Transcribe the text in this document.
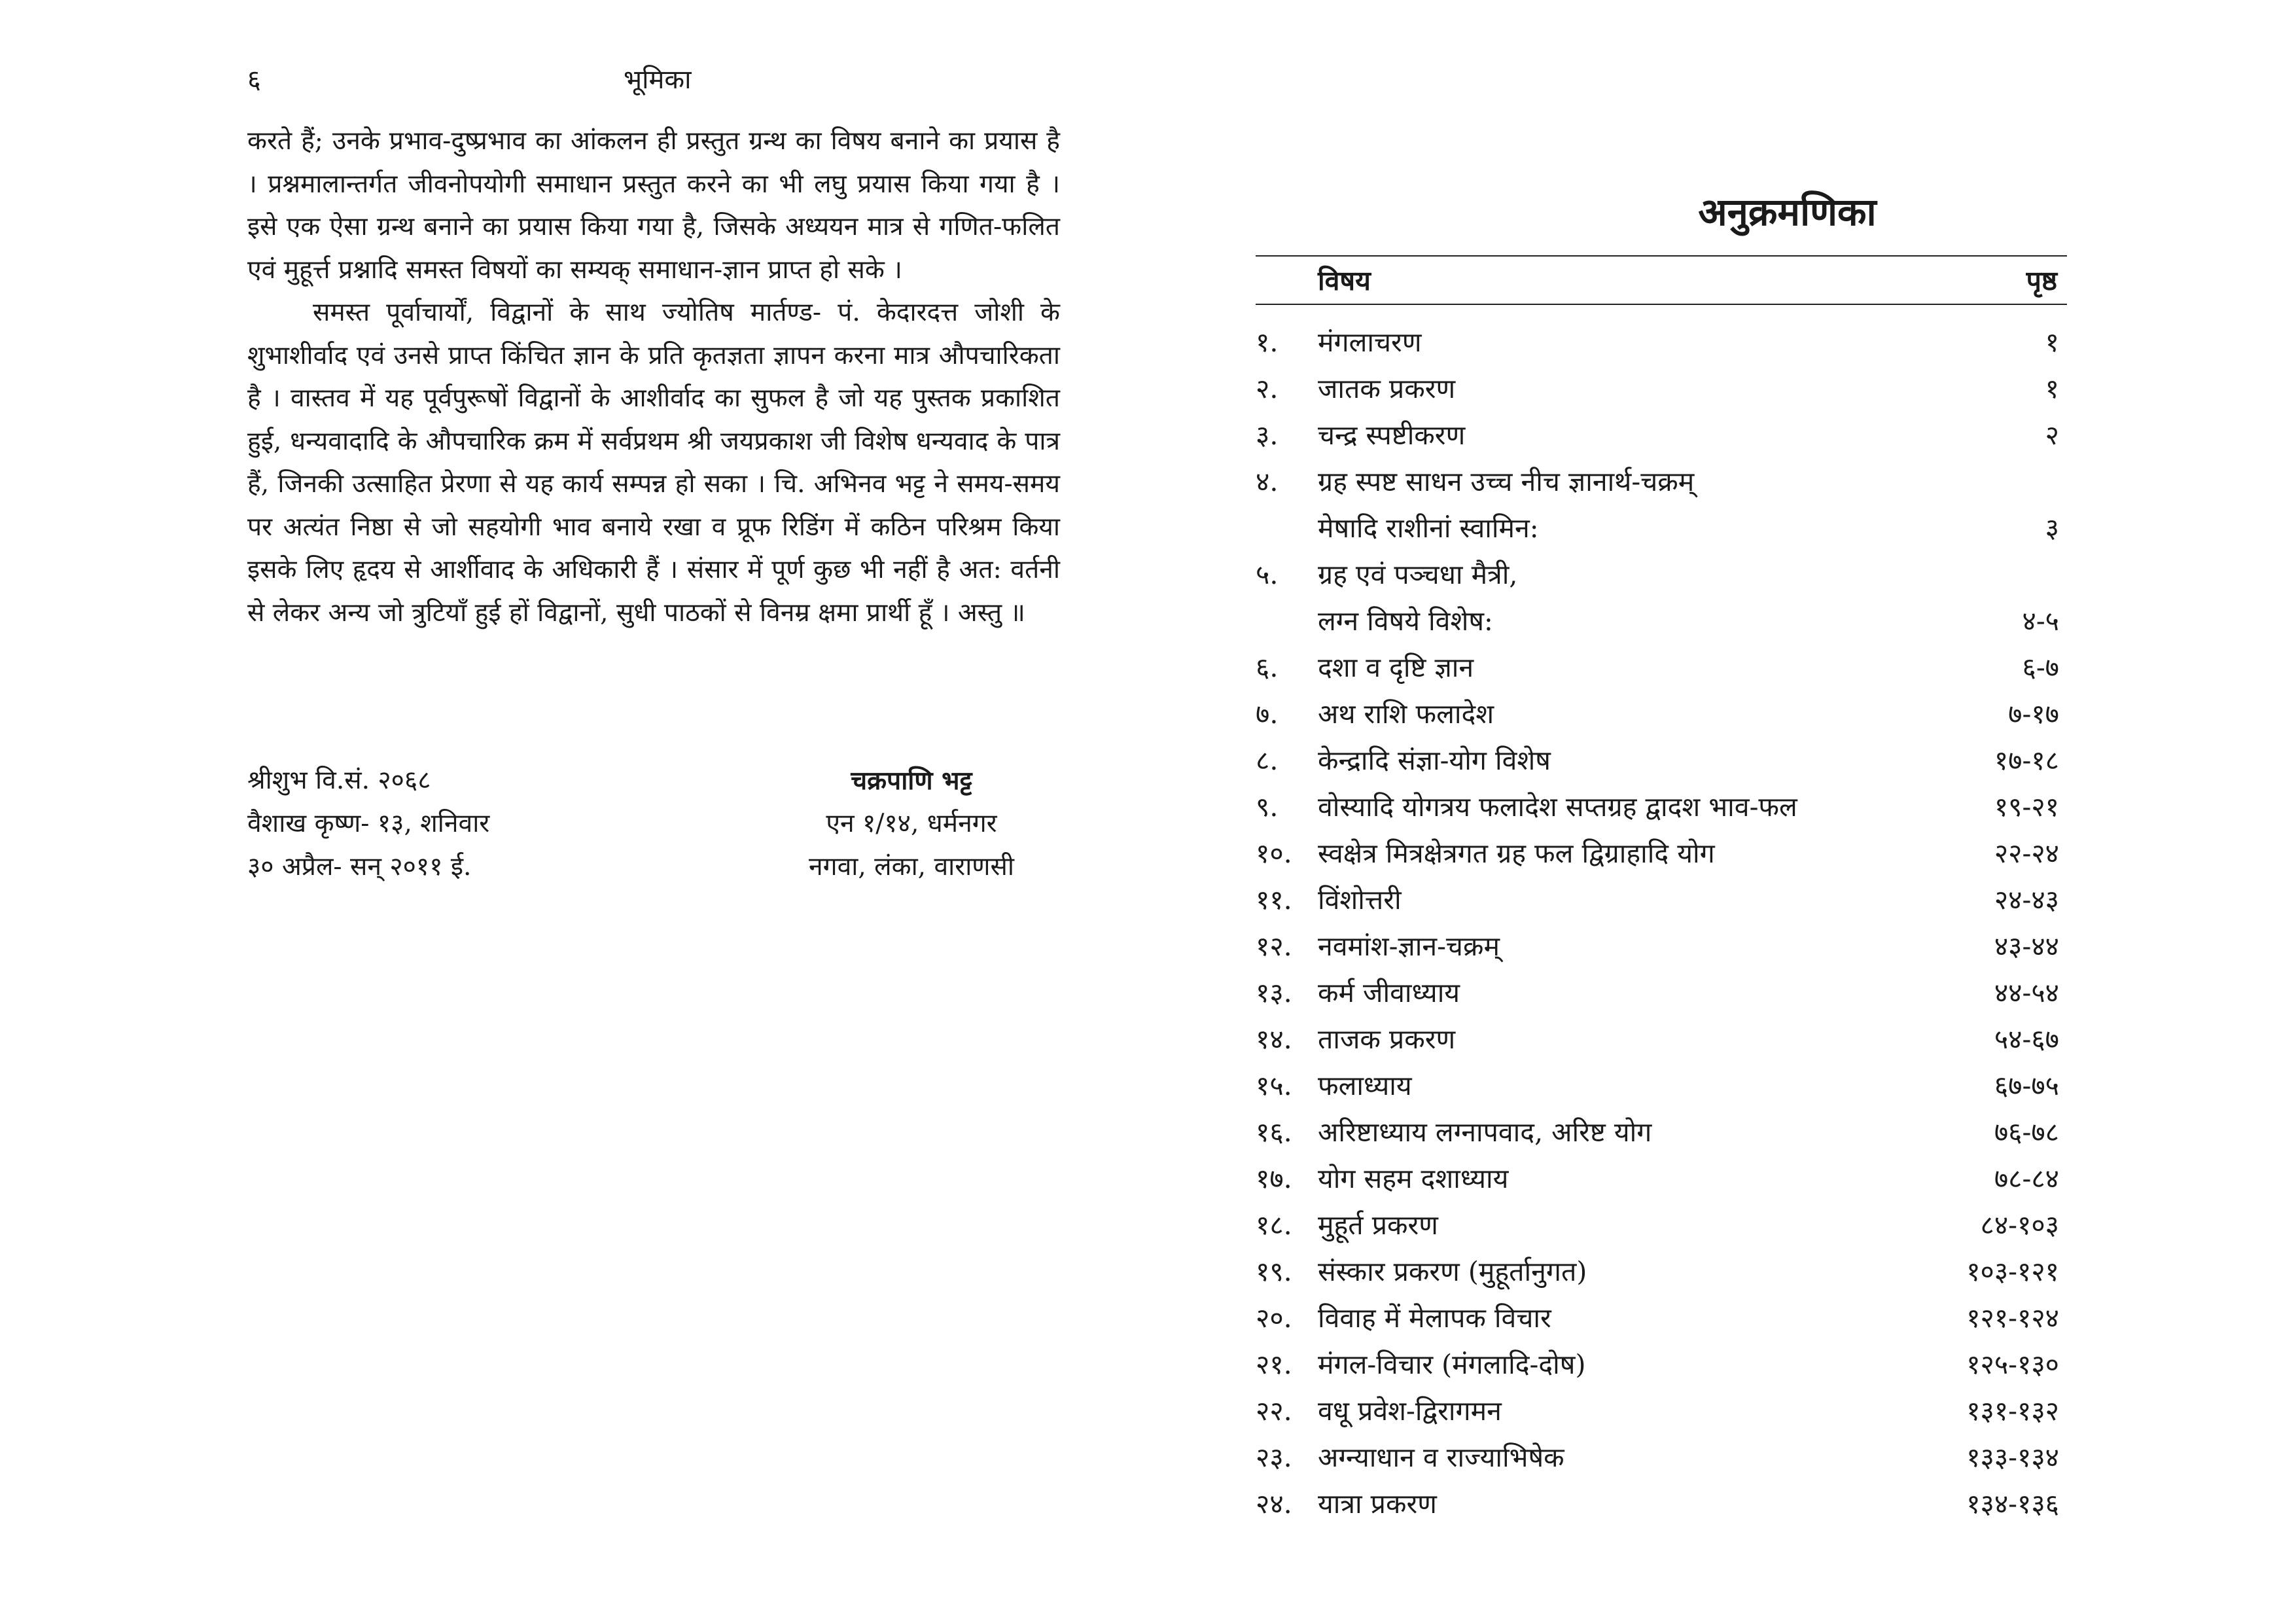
६	भूमिका

करते हैं; उनके प्रभाव-दुष्प्रभाव का आंकलन ही प्रस्तुत ग्रन्थ का विषय बनाने का प्रयास है । प्रश्नमालान्तर्गत जीवनोपयोगी समाधान प्रस्तुत करने का भी लघु प्रयास किया गया है । इसे एक ऐसा ग्रन्थ बनाने का प्रयास किया गया है, जिसके अध्ययन मात्र से गणित-फलित एवं मुहूर्त्त प्रश्नादि समस्त विषयों का सम्यक् समाधान-ज्ञान प्राप्त हो सके ।

समस्त पूर्वाचार्यों, विद्वानों के साथ ज्योतिष मार्तण्ड- पं. केदारदत्त जोशी के शुभाशीर्वाद एवं उनसे प्राप्त किंचित ज्ञान के प्रति कृतज्ञता ज्ञापन करना मात्र औपचारिकता है । वास्तव में यह पूर्वपुरूषों विद्वानों के आशीर्वाद का सुफल है जो यह पुस्तक प्रकाशित हुई, धन्यवादादि के औपचारिक क्रम में सर्वप्रथम श्री जयप्रकाश जी विशेष धन्यवाद के पात्र हैं, जिनकी उत्साहित प्रेरणा से यह कार्य सम्पन्न हो सका । चि. अभिनव भट्ट ने समय-समय पर अत्यंत निष्ठा से जो सहयोगी भाव बनाये रखा व प्रूफ रिडिंग में कठिन परिश्रम किया इसके लिए हृदय से आर्शीवाद के अधिकारी हैं । संसार में पूर्ण कुछ भी नहीं है अत: वर्तनी से लेकर अन्य जो त्रुटियाँ हुई हों विद्वानों, सुधी पाठकों से विनम्र क्षमा प्रार्थी हूँ । अस्तु ॥

श्रीशुभ वि.सं. २०६८
वैशाख कृष्ण- १३, शनिवार
३० अप्रैल- सन् २०११ ई.
चक्रपाणि भट्ट
एन १/१४, धर्मनगर
नगवा, लंका, वाराणसी
अनुक्रमणिका
विषय	पृष्ठ
१.	मंगलाचरण	१
२.	जातक प्रकरण	१
३.	चन्द्र स्पष्टीकरण	२
४.	ग्रह स्पष्ट साधन उच्च नीच ज्ञानार्थ-चक्रम्
मेषादि राशीनां स्वामिन:	३
५.	ग्रह एवं पञ्चधा मैत्री,
लग्न विषये विशेष:	४-५
६.	दशा व दृष्टि ज्ञान	६-७
७.	अथ राशि फलादेश	७-१७
८.	केन्द्रादि संज्ञा-योग विशेष	१७-१८
९.	वोस्यादि योगत्रय फलादेश सप्तग्रह द्वादश भाव-फल	१९-२१
१०. स्वक्षेत्र मित्रक्षेत्रगत ग्रह फल द्विग्राहादि योग	२२-२४
११. विंशोत्तरी	२४-४३
१२. नवमांश-ज्ञान-चक्रम्	४३-४४
१३. कर्म जीवाध्याय	४४-५४
१४. ताजक प्रकरण	५४-६७
१५. फलाध्याय	६७-७५
१६. अरिष्टाध्याय लग्नापवाद, अरिष्ट योग	७६-७८
१७. योग सहम दशाध्याय	७८-८४
१८. मुहूर्त प्रकरण	८४-१०३
१९. संस्कार प्रकरण (मुहूर्तानुगत)	१०३-१२१
२०. विवाह में मेलापक विचार	१२१-१२४
२१. मंगल-विचार (मंगलादि-दोष)	१२५-१३०
२२. वधू प्रवेश-द्विरागमन	१३१-१३२
२३. अग्न्याधान व राज्याभिषेक	१३३-१३४
२४. यात्रा प्रकरण	१३४-१३६
